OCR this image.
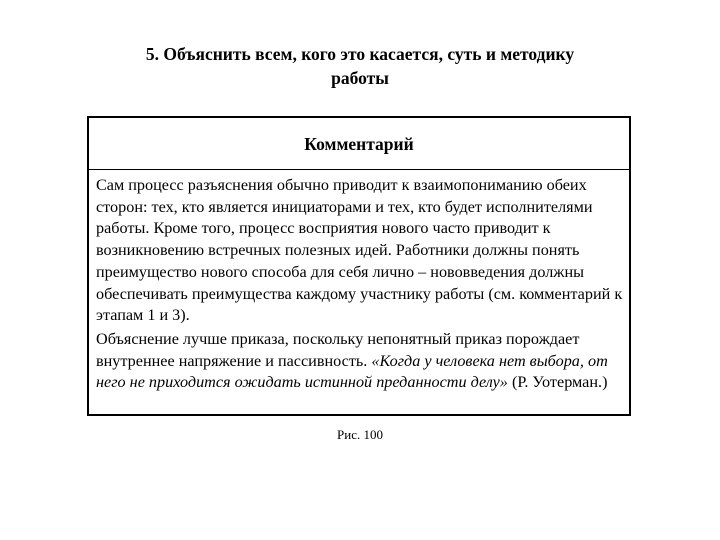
5. Объяснить всем, кого это касается, суть и методику
работы
Комментарий

Сам процесс разъяснения обычно приводит к взаимопониманию обеих сторон: тех, кто является инициаторами и тех, кто будет исполнителями работы. Кроме того, процесс восприятия нового часто приводит к возникновению встречных полезных идей. Работники должны понять преимущество нового способа для себя лично – нововведения должны обеспечивать преимущества каждому участнику работы (см. комментарий к этапам 1 и 3).

Объяснение лучше приказа, поскольку непонятный приказ порождает внутреннее напряжение и пассивность. «Когда у человека нет выбора, от него не приходится ожидать истинной преданности делу» (Р. Уотерман.)

Рис. 100
